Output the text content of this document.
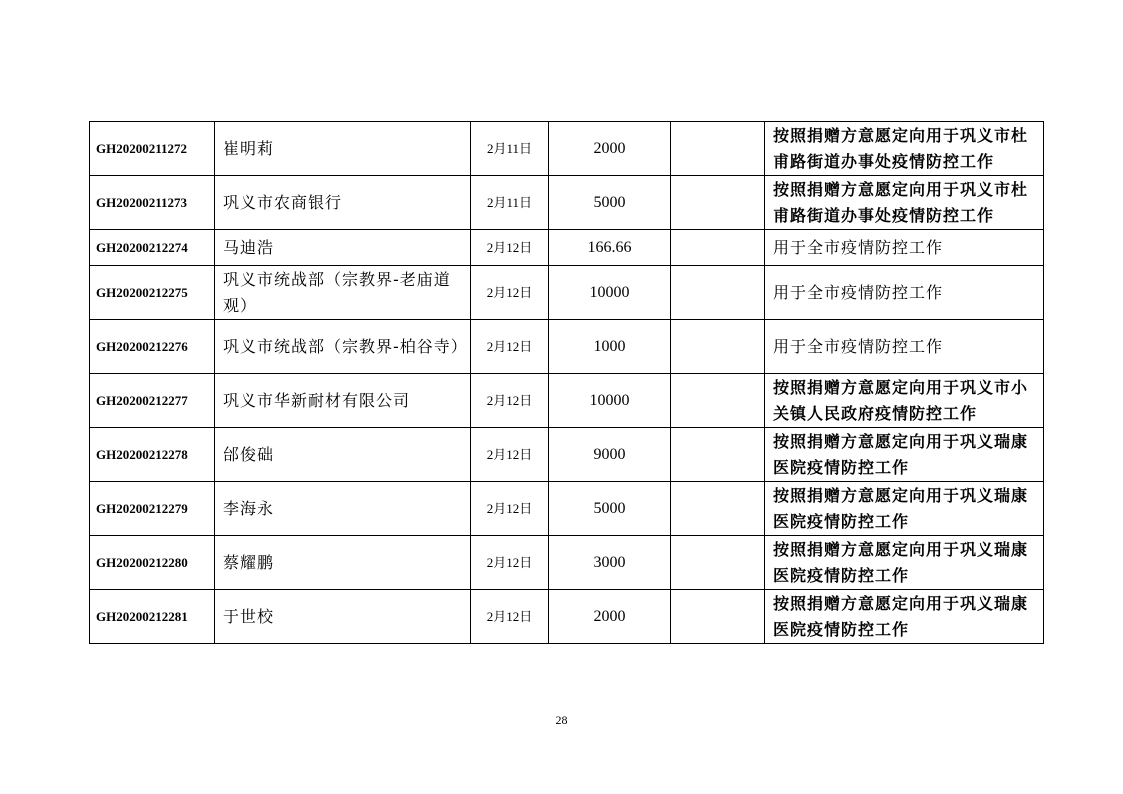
GH20200211272	崔明莉	2月11日	2000		按照捐赠方意愿定向用于巩义市杜甫路街道办事处疫情防控工作
GH20200211273	巩义市农商银行	2月11日	5000		按照捐赠方意愿定向用于巩义市杜甫路街道办事处疫情防控工作
GH20200212274	马迪浩	2月12日	166.66		用于全市疫情防控工作
GH20200212275	巩义市统战部（宗教界-老庙道观）	2月12日	10000		用于全市疫情防控工作
GH20200212276	巩义市统战部（宗教界-柏谷寺）	2月12日	1000		用于全市疫情防控工作
GH20200212277	巩义市华新耐材有限公司	2月12日	10000		按照捐赠方意愿定向用于巩义市小关镇人民政府疫情防控工作
GH20200212278	邰俊础	2月12日	9000		按照捐赠方意愿定向用于巩义瑞康医院疫情防控工作
GH20200212279	李海永	2月12日	5000		按照捐赠方意愿定向用于巩义瑞康医院疫情防控工作
GH20200212280	蔡耀鹏	2月12日	3000		按照捐赠方意愿定向用于巩义瑞康医院疫情防控工作
GH20200212281	于世校	2月12日	2000		按照捐赠方意愿定向用于巩义瑞康医院疫情防控工作
28
